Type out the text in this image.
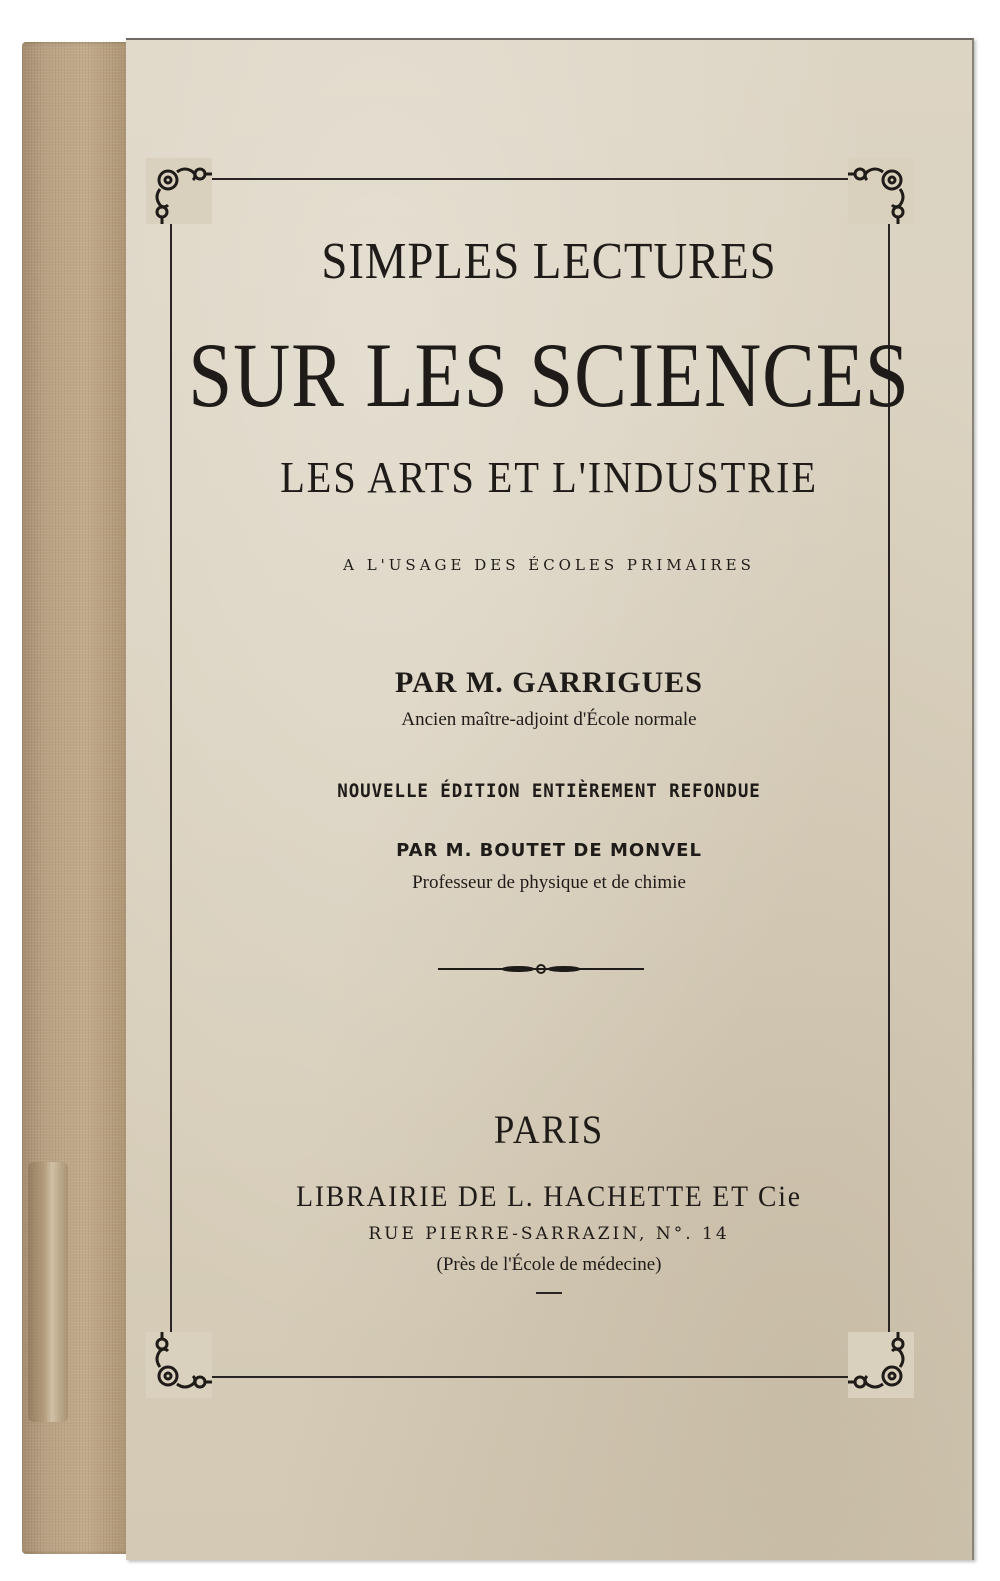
SIMPLES LECTURES
SUR LES SCIENCES
LES ARTS ET L'INDUSTRIE
A L'USAGE DES ÉCOLES PRIMAIRES
PAR M. GARRIGUES
Ancien maître-adjoint d'École normale
NOUVELLE ÉDITION ENTIÈREMENT REFONDUE
PAR M. BOUTET DE MONVEL
Professeur de physique et de chimie
PARIS
LIBRAIRIE DE L. HACHETTE ET Cie
RUE PIERRE-SARRAZIN, N°. 14
(Près de l'École de médecine)
